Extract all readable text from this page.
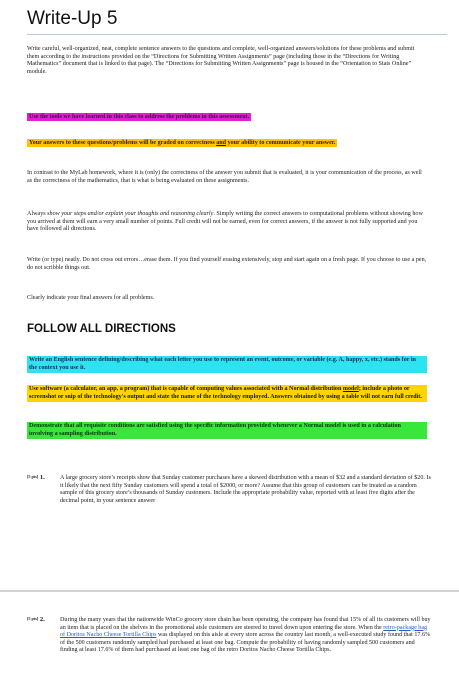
Write-Up 5

Write careful, well-organized, neat, complete sentence answers to the questions and complete, well-organized answers/solutions for these problems and submit them according to the instructions provided on the “Directions for Submitting Written Assignments” page (including those in the “Directions for Writing Mathematics” document that is linked to that page). The “Directions for Submitting Written Assignments” page is housed in the “Orientation to Stats Online” module.

Use the tools we have learned in this class to address the problems in this assessment.

Your answers to these questions/problems will be graded on correctness and your ability to communicate your answer.

In contrast to the MyLab homework, where it is (only) the correctness of the answer you submit that is evaluated, it is your communication of the process, as well as the correctness of the mathematics, that is what is being evaluated on these assignments.

Always show your steps and/or explain your thoughts and reasoning clearly. Simply writing the correct answers to computational problems without showing how you arrived at them will earn a very small number of points. Full credit will not be earned, even for correct answers, if the answer is not fully supported and you have followed all directions.

Write (or type) neatly. Do not cross out errors…erase them. If you find yourself erasing extensively, stop and start again on a fresh page. If you choose to use a pen, do not scribble things out.

Clearly indicate your final answers for all problems.

FOLLOW ALL DIRECTIONS
Write an English sentence defining/describing what each letter you use to represent an event, outcome, or variable (e.g. A, happy, x, etc.) stands for in the context you use it.
Use software (a calculator, an app, a program) that is capable of computing values associated with a Normal distribution model; include a photo or screenshot or snip of the technology's output and state the name of the technology employed. Answers obtained by using a table will not earn full credit.
Demonstrate that all requisite conditions are satisfied using the specific information provided whenever a Normal model is used in a calculation involving a sampling distribution.
[5 pts] 1.	A large grocery store’s receipts show that Sunday customer purchases have a skewed distribution with a mean of $32 and a standard deviation of $20. Is it likely that the next fifty Sunday customers will spend a total of $2000, or more? Assume that this group of customers can be treated as a random sample of this grocery store’s thousands of Sunday customers. Include the appropriate probability value, reported with at least five digits after the decimal point, in your sentence answer
[5 pts] 2.	During the many years that the nationwide WinCo grocery store chain has been operating, the company has found that 15% of all its customers will buy an item that is placed on the shelves in the promotional aisle customers are steered to travel down upon entering the store. When the retro-package bag of Doritos Nacho Cheese Tortilla Chips was displayed on this aisle at every store across the country last month, a well-executed study found that 17.6% of the 500 customers randomly sampled had purchased at least one bag. Compute the probability of having randomly sampled 500 customers and finding at least 17.6% of them had purchased at least one bag of the retro Doritos Nacho Cheese Tortilla Chips.
